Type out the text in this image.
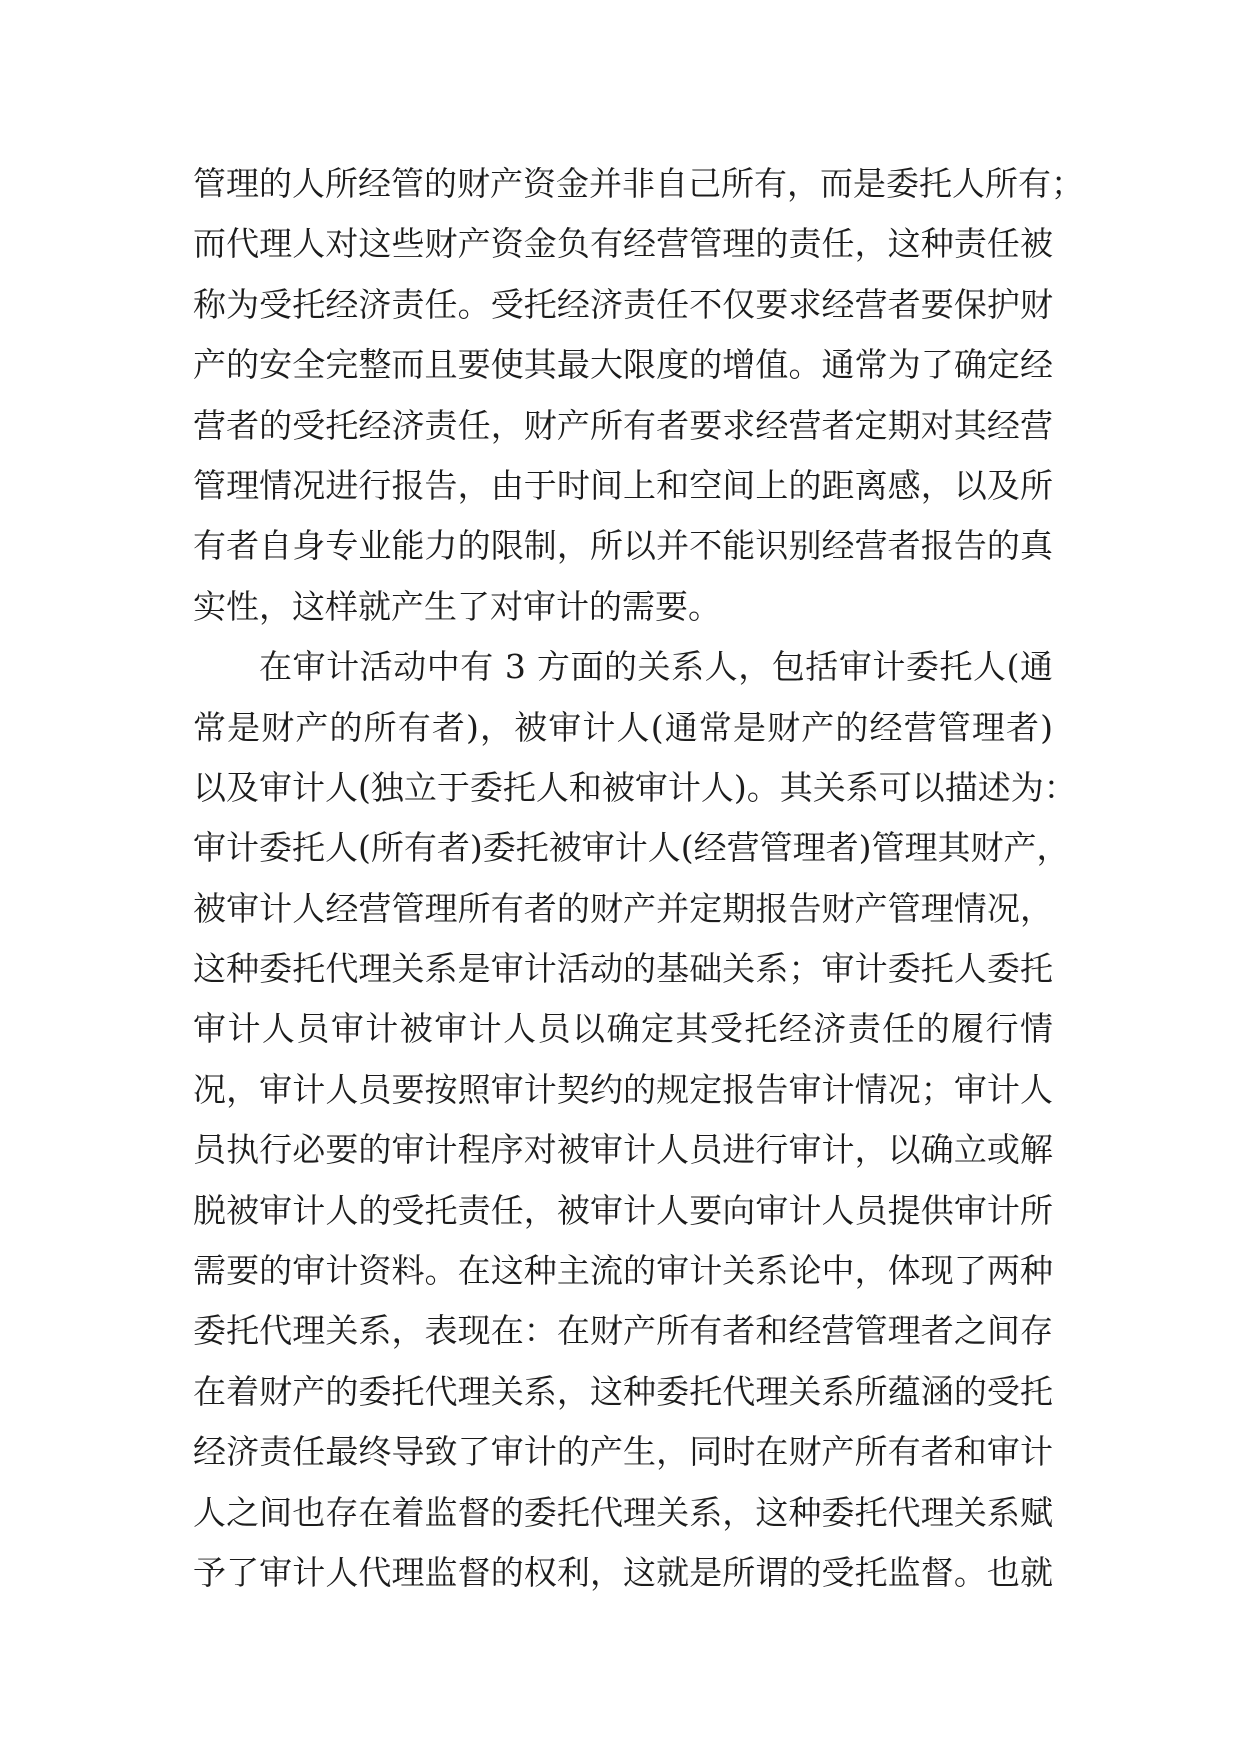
管理的人所经管的财产资金并非自己所有，而是委托人所有；
而代理人对这些财产资金负有经营管理的责任，这种责任被
称为受托经济责任。受托经济责任不仅要求经营者要保护财
产的安全完整而且要使其最大限度的增值。通常为了确定经
营者的受托经济责任，财产所有者要求经营者定期对其经营
管理情况进行报告，由于时间上和空间上的距离感，以及所
有者自身专业能力的限制，所以并不能识别经营者报告的真
实性，这样就产生了对审计的需要。
在审计活动中有 3 方面的关系人，包括审计委托人(通
常是财产的所有者)，被审计人(通常是财产的经营管理者)
以及审计人(独立于委托人和被审计人)。其关系可以描述为：
审计委托人(所有者)委托被审计人(经营管理者)管理其财产，
被审计人经营管理所有者的财产并定期报告财产管理情况，
这种委托代理关系是审计活动的基础关系；审计委托人委托
审计人员审计被审计人员以确定其受托经济责任的履行情
况，审计人员要按照审计契约的规定报告审计情况；审计人
员执行必要的审计程序对被审计人员进行审计，以确立或解
脱被审计人的受托责任，被审计人要向审计人员提供审计所
需要的审计资料。在这种主流的审计关系论中，体现了两种
委托代理关系，表现在：在财产所有者和经营管理者之间存
在着财产的委托代理关系，这种委托代理关系所蕴涵的受托
经济责任最终导致了审计的产生，同时在财产所有者和审计
人之间也存在着监督的委托代理关系，这种委托代理关系赋
予了审计人代理监督的权利，这就是所谓的受托监督。也就
